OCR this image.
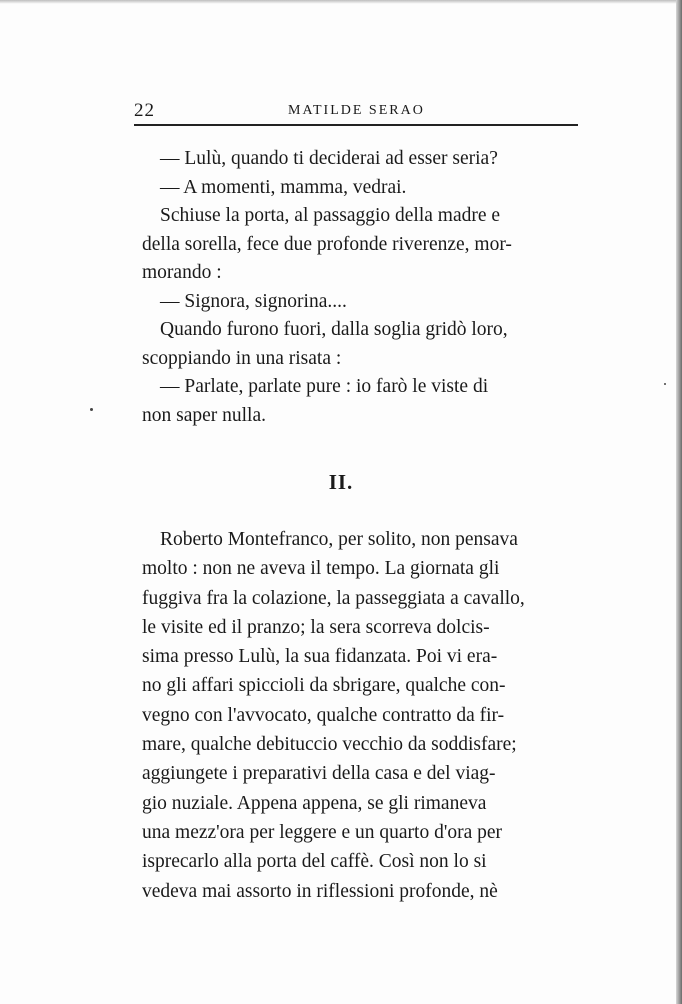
22	MATILDE SERAO
— Lulù, quando ti deciderai ad esser seria?
— A momenti, mamma, vedrai.
Schiuse la porta, al passaggio della madre e
della sorella, fece due profonde riverenze, mor-
morando :
— Signora, signorina....
Quando furono fuori, dalla soglia gridò loro,
scoppiando in una risata :
— Parlate, parlate pure : io farò le viste di
non saper nulla.
II.
Roberto Montefranco, per solito, non pensava
molto : non ne aveva il tempo. La giornata gli
fuggiva fra la colazione, la passeggiata a cavallo,
le visite ed il pranzo; la sera scorreva dolcis-
sima presso Lulù, la sua fidanzata. Poi vi era-
no gli affari spiccioli da sbrigare, qualche con-
vegno con l'avvocato, qualche contratto da fir-
mare, qualche debituccio vecchio da soddisfare;
aggiungete i preparativi della casa e del viag-
gio nuziale. Appena appena, se gli rimaneva
una mezz'ora per leggere e un quarto d'ora per
isprecarlo alla porta del caffè. Così non lo si
vedeva mai assorto in riflessioni profonde, nè
